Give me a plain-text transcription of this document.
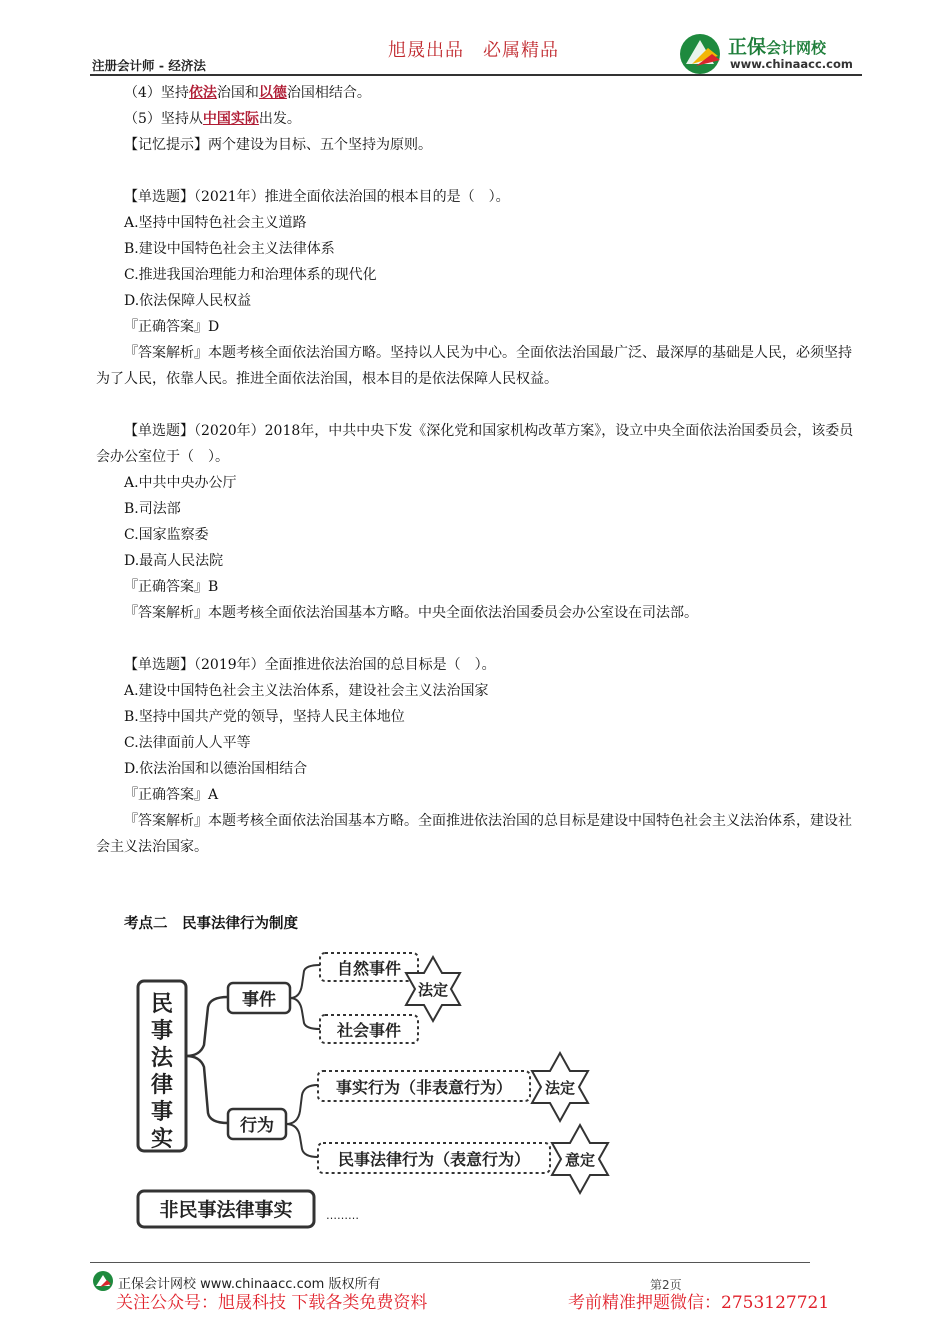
旭晟出品　必属精品
注册会计师 - 经济法
正保会计网校
www.chinaacc.com
（4）坚持依法治国和以德治国相结合。
（5）坚持从中国实际出发。
【记忆提示】两个建设为目标、五个坚持为原则。
【单选题】（2021年）推进全面依法治国的根本目的是（　）。
A.坚持中国特色社会主义道路
B.建设中国特色社会主义法律体系
C.推进我国治理能力和治理体系的现代化
D.依法保障人民权益
『正确答案』D
『答案解析』本题考核全面依法治国方略。坚持以人民为中心。全面依法治国最广泛、最深厚的基础是人民，必须坚持为了人民，依靠人民。推进全面依法治国，根本目的是依法保障人民权益。
【单选题】（2020年）2018年，中共中央下发《深化党和国家机构改革方案》，设立中央全面依法治国委员会，该委员会办公室位于（　）。
A.中共中央办公厅
B.司法部
C.国家监察委
D.最高人民法院
『正确答案』B
『答案解析』本题考核全面依法治国基本方略。中央全面依法治国委员会办公室设在司法部。
【单选题】（2019年）全面推进依法治国的总目标是（　）。
A.建设中国特色社会主义法治体系，建设社会主义法治国家
B.坚持中国共产党的领导，坚持人民主体地位
C.法律面前人人平等
D.依法治国和以德治国相结合
『正确答案』A
『答案解析』本题考核全面依法治国基本方略。全面推进依法治国的总目标是建设中国特色社会主义法治体系，建设社会主义法治国家。
考点二　民事法律行为制度
民
事
法
律
事
实
事件
自然事件
社会事件
法定
行为
事实行为（非表意行为） 法定
民事法律行为（表意行为） 意定
非民事法律事实	………
正保会计网校 www.chinaacc.com 版权所有	第2页
关注公众号：旭晟科技 下载各类免费资料	考前精准押题微信：2753127721
